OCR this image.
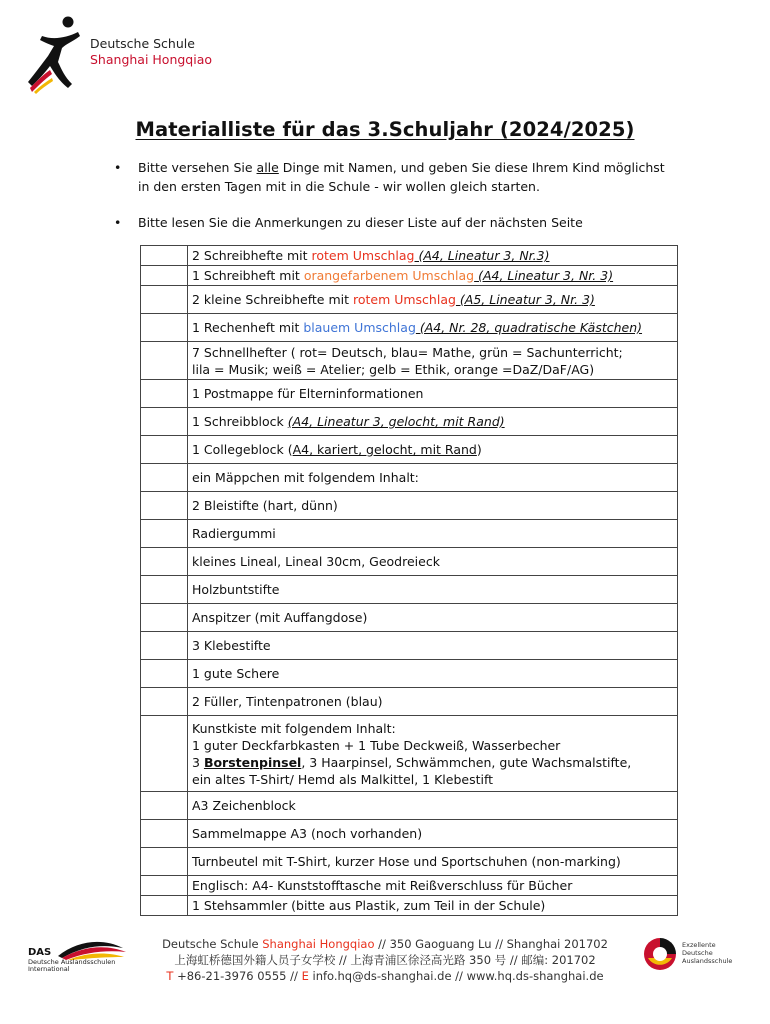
Deutsche Schule
Shanghai Hongqiao
Materialliste für das 3.Schuljahr (2024/2025)
• Bitte versehen Sie alle Dinge mit Namen, und geben Sie diese Ihrem Kind möglichst in den ersten Tagen mit in die Schule - wir wollen gleich starten.
• Bitte lesen Sie die Anmerkungen zu dieser Liste auf der nächsten Seite
	2 Schreibhefte mit rotem Umschlag (A4, Lineatur 3, Nr.3)
	1 Schreibheft mit orangefarbenem Umschlag (A4, Lineatur 3, Nr. 3)
	2 kleine Schreibhefte mit rotem Umschlag (A5, Lineatur 3, Nr. 3)
	1 Rechenheft mit blauem Umschlag (A4, Nr. 28, quadratische Kästchen)

	7 Schnellhefter ( rot= Deutsch, blau= Mathe, grün = Sachunterricht;
lila = Musik; weiß = Atelier; gelb = Ethik, orange =DaZ/DaF/AG)

	1 Postmappe für Elterninformationen
	1 Schreibblock (A4, Lineatur 3, gelocht, mit Rand)
	1 Collegeblock (A4, kariert, gelocht, mit Rand)
	ein Mäppchen mit folgendem Inhalt:
	2 Bleistifte (hart, dünn)
	Radiergummi
	kleines Lineal, Lineal 30cm, Geodreieck
	Holzbuntstifte
	Anspitzer (mit Auffangdose)
	3 Klebestifte
	1 gute Schere
	2 Füller, Tintenpatronen (blau)

	Kunstkiste mit folgendem Inhalt:
1 guter Deckfarbkasten + 1 Tube Deckweiß, Wasserbecher
3 Borstenpinsel, 3 Haarpinsel, Schwämmchen, gute Wachsmalstifte,
ein altes T-Shirt/ Hemd als Malkittel, 1 Klebestift

	A3 Zeichenblock
	Sammelmappe A3 (noch vorhanden)
	Turnbeutel mit T-Shirt, kurzer Hose und Sportschuhen (non-marking)
	Englisch: A4- Kunststofftasche mit Reißverschluss für Bücher
	1 Stehsammler (bitte aus Plastik, zum Teil in der Schule)
DAS
Deutsche Auslandsschulen
International
Deutsche Schule Shanghai Hongqiao // 350 Gaoguang Lu // Shanghai 201702
上海虹桥德国外籍人员子女学校 // 上海青浦区徐泾高光路 350 号 // 邮编: 201702
T +86-21-3976 0555 // E info.hq@ds-shanghai.de // www.hq.ds-shanghai.de
Exzellente
Deutsche
Auslandsschule
